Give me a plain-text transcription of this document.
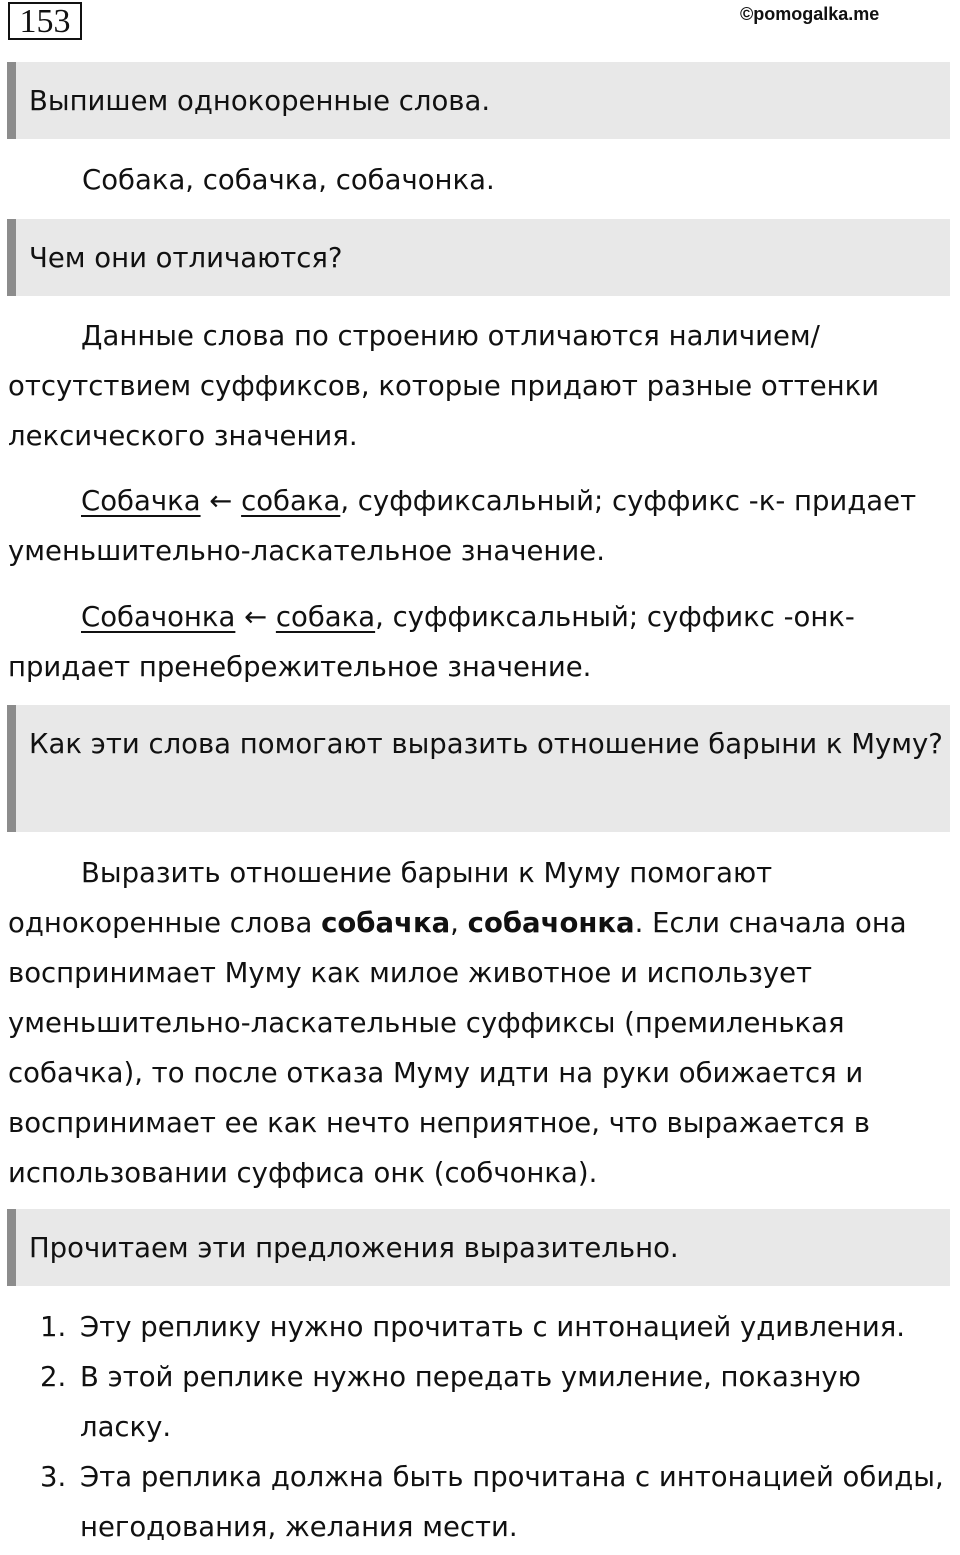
153	©pomogalka.me
Выпишем однокоренные слова.

Собака, собачка, собачонка.

Чем они отличаются?

Данные слова по строению отличаются наличием/отсутствием суффиксов, которые придают разные оттенки лексического значения.

Собачка ← собака, суффиксальный; суффикс -к- придает уменьшительно-ласкательное значение.

Собачонка ← собака, суффиксальный; суффикс -онк- придает пренебрежительное значение.

Как эти слова помогают выразить отношение барыни к Муму?

Выразить отношение барыни к Муму помогают однокоренные слова собачка, собачонка. Если сначала она воспринимает Муму как милое животное и использует уменьшительно-ласкательные суффиксы (премиленькая собачка), то после отказа Муму идти на руки обижается и воспринимает ее как нечто неприятное, что выражается в использовании суффиса онк (собчонка).

Прочитаем эти предложения выразительно.
1. Эту реплику нужно прочитать с интонацией удивления.
2. В этой реплике нужно передать умиление, показную ласку.
3. Эта реплика должна быть прочитана с интонацией обиды, негодования, желания мести.
